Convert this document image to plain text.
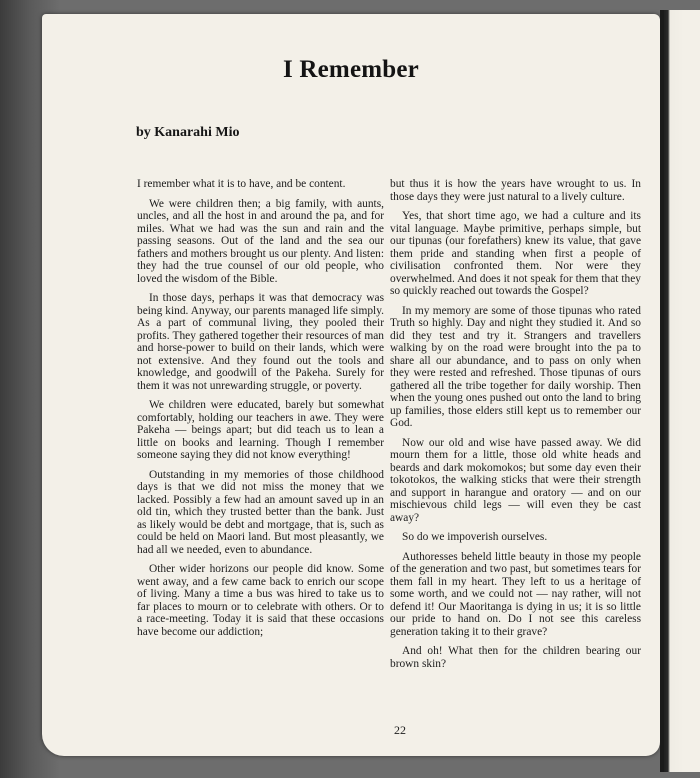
I Remember
by Kanarahi Mio

I remember what it is to have, and be content.

We were children then; a big family, with aunts, uncles, and all the host in and around the pa, and for miles. What we had was the sun and rain and the passing seasons. Out of the land and the sea our fathers and mothers brought us our plenty. And listen: they had the true counsel of our old people, who loved the wisdom of the Bible.

In those days, perhaps it was that democracy was being kind. Anyway, our parents managed life simply. As a part of communal living, they pooled their profits. They gathered together their resources of man and horse-power to build on their lands, which were not extensive. And they found out the tools and knowledge, and goodwill of the Pakeha. Surely for them it was not unrewarding struggle, or poverty.

We children were educated, barely but somewhat comfortably, holding our teachers in awe. They were Pakeha — beings apart; but did teach us to lean a little on books and learning. Though I remember someone saying they did not know everything!

Outstanding in my memories of those childhood days is that we did not miss the money that we lacked. Possibly a few had an amount saved up in an old tin, which they trusted better than the bank. Just as likely would be debt and mortgage, that is, such as could be held on Maori land. But most pleasantly, we had all we needed, even to abundance.

Other wider horizons our people did know. Some went away, and a few came back to enrich our scope of living. Many a time a bus was hired to take us to far places to mourn or to celebrate with others. Or to a race-meeting. Today it is said that these occasions have become our addiction;

but thus it is how the years have wrought to us. In those days they were just natural to a lively culture.

Yes, that short time ago, we had a culture and its vital language. Maybe primitive, perhaps simple, but our tipunas (our forefathers) knew its value, that gave them pride and standing when first a people of civilisation confronted them. Nor were they overwhelmed. And does it not speak for them that they so quickly reached out towards the Gospel?

In my memory are some of those tipunas who rated Truth so highly. Day and night they studied it. And so did they test and try it. Strangers and travellers walking by on the road were brought into the pa to share all our abundance, and to pass on only when they were rested and refreshed. Those tipunas of ours gathered all the tribe together for daily worship. Then when the young ones pushed out onto the land to bring up families, those elders still kept us to remember our God.

Now our old and wise have passed away. We did mourn them for a little, those old white heads and beards and dark mokomokos; but some day even their tokotokos, the walking sticks that were their strength and support in harangue and oratory — and on our mischievous child legs — will even they be cast away?

So do we impoverish ourselves.

Authoresses beheld little beauty in those my people of the generation and two past, but sometimes tears for them fall in my heart. They left to us a heritage of some worth, and we could not — nay rather, will not defend it! Our Maoritanga is dying in us; it is so little our pride to hand on. Do I not see this careless generation taking it to their grave?

And oh! What then for the children bearing our brown skin?

22
